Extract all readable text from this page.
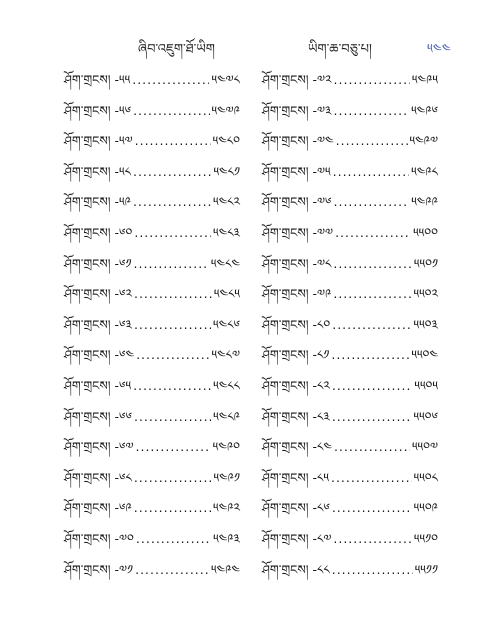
ཞིབ་འཇུག་ཐོ་ཡིག	ཡིག་ཆ་བཅུ་པ།	༥༤༤
ཤོག་གྲངས། -༥༥ .....	༥༤༧༨
ཤོག་གྲངས། -༥༦ .....	༥༤༧༩
ཤོག་གྲངས། -༥༧ .....	༥༤༨༠
ཤོག་གྲངས། -༥༨ .....	༥༤༨༡
ཤོག་གྲངས། -༥༩ .....	༥༤༨༢
ཤོག་གྲངས། -༦༠ .....	༥༤༨༣
ཤོག་གྲངས། -༦༡ .....	༥༤༨༤
ཤོག་གྲངས། -༦༢ .....	༥༤༨༥
ཤོག་གྲངས། -༦༣ .....	༥༤༨༦
ཤོག་གྲངས། -༦༤ .....	༥༤༨༧
ཤོག་གྲངས། -༦༥ .....	༥༤༨༨
ཤོག་གྲངས། -༦༦ .....	༥༤༨༩
ཤོག་གྲངས། -༦༧ .....	༥༤༩༠
ཤོག་གྲངས། -༦༨ .....	༥༤༩༡
ཤོག་གྲངས། -༦༩ .....	༥༤༩༢
ཤོག་གྲངས། -༧༠ .....	༥༤༩༣
ཤོག་གྲངས། -༧༡ .....	༥༤༩༤
ཤོག་གྲངས། -༧༢ .....	༥༤༩༥
ཤོག་གྲངས། -༧༣ .....	༥༤༩༦
ཤོག་གྲངས། -༧༤ .....	༥༤༩༧
ཤོག་གྲངས། -༧༥ .....	༥༤༩༨
ཤོག་གྲངས། -༧༦ .....	༥༤༩༩
ཤོག་གྲངས། -༧༧ .....	༥༥༠༠
ཤོག་གྲངས། -༧༨ .....	༥༥༠༡
ཤོག་གྲངས། -༧༩ .....	༥༥༠༢
ཤོག་གྲངས། -༨༠ .....	༥༥༠༣
ཤོག་གྲངས། -༨༡ .....	༥༥༠༤
ཤོག་གྲངས། -༨༢ .....	༥༥༠༥
ཤོག་གྲངས། -༨༣ .....	༥༥༠༦
ཤོག་གྲངས། -༨༤ .....	༥༥༠༧
ཤོག་གྲངས། -༨༥ .....	༥༥༠༨
ཤོག་གྲངས། -༨༦ .....	༥༥༠༩
ཤོག་གྲངས། -༨༧ .....	༥༥༡༠
ཤོག་གྲངས། -༨༨ .....	༥༥༡༡
